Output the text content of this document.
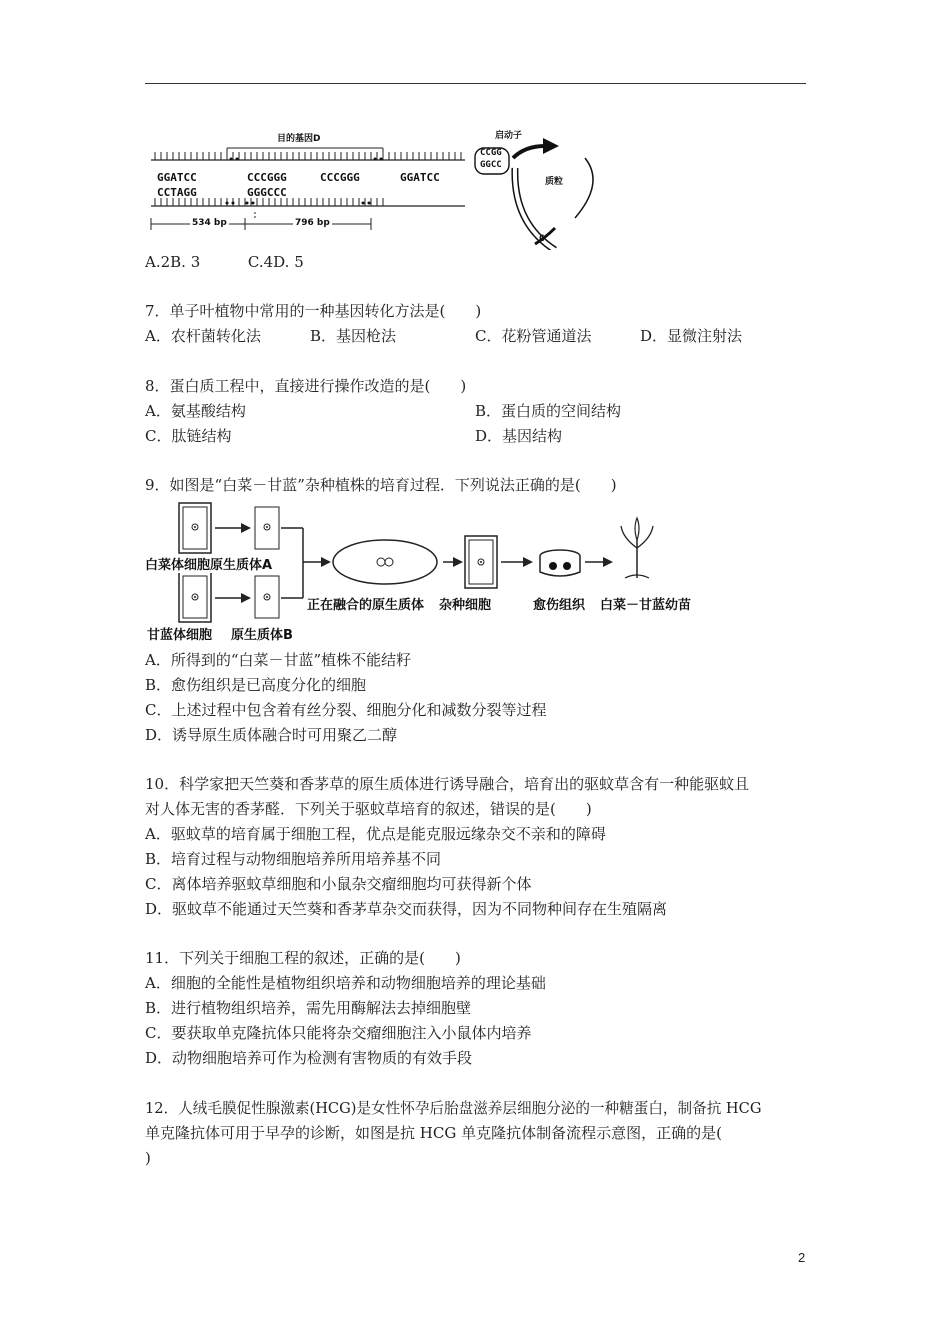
目的基因D
GGATCC
CCTAGG
CCCGGG
GGGCCC
CCCGGG	GGATCC
534 bp	796 bp
启动子
质粒
CCGG
GGCC
G
A.2B. 3          C.4D. 5
7．单子叶植物中常用的一种基因转化方法是(　　)
A．农杆菌转化法	B．基因枪法	C．花粉管通道法	D．显微注射法
8．蛋白质工程中，直接进行操作改造的是(　　)
A．氨基酸结构	B．蛋白质的空间结构
C．肽链结构	D．基因结构
9．如图是“白菜－甘蓝”杂种植株的培育过程．下列说法正确的是(　　)
白菜体细胞原生质体A
甘蓝体细胞 原生质体B
正在融合的原生质体 杂种细胞	愈伤组织 白菜－甘蓝幼苗
A．所得到的“白菜－甘蓝”植株不能结籽
B．愈伤组织是已高度分化的细胞
C．上述过程中包含着有丝分裂、细胞分化和减数分裂等过程
D．诱导原生质体融合时可用聚乙二醇
10．科学家把天竺葵和香茅草的原生质体进行诱导融合，培育出的驱蚊草含有一种能驱蚊且
对人体无害的香茅醛．下列关于驱蚊草培育的叙述，错误的是(　　)
A．驱蚊草的培育属于细胞工程，优点是能克服远缘杂交不亲和的障碍
B．培育过程与动物细胞培养所用培养基不同
C．离体培养驱蚊草细胞和小鼠杂交瘤细胞均可获得新个体
D．驱蚊草不能通过天竺葵和香茅草杂交而获得，因为不同物种间存在生殖隔离
11．下列关于细胞工程的叙述，正确的是(　　)
A．细胞的全能性是植物组织培养和动物细胞培养的理论基础
B．进行植物组织培养，需先用酶解法去掉细胞壁
C．要获取单克隆抗体只能将杂交瘤细胞注入小鼠体内培养
D．动物细胞培养可作为检测有害物质的有效手段
12．人绒毛膜促性腺激素(HCG)是女性怀孕后胎盘滋养层细胞分泌的一种糖蛋白，制备抗 HCG
单克隆抗体可用于早孕的诊断，如图是抗 HCG 单克隆抗体制备流程示意图，正确的是(
)
2
